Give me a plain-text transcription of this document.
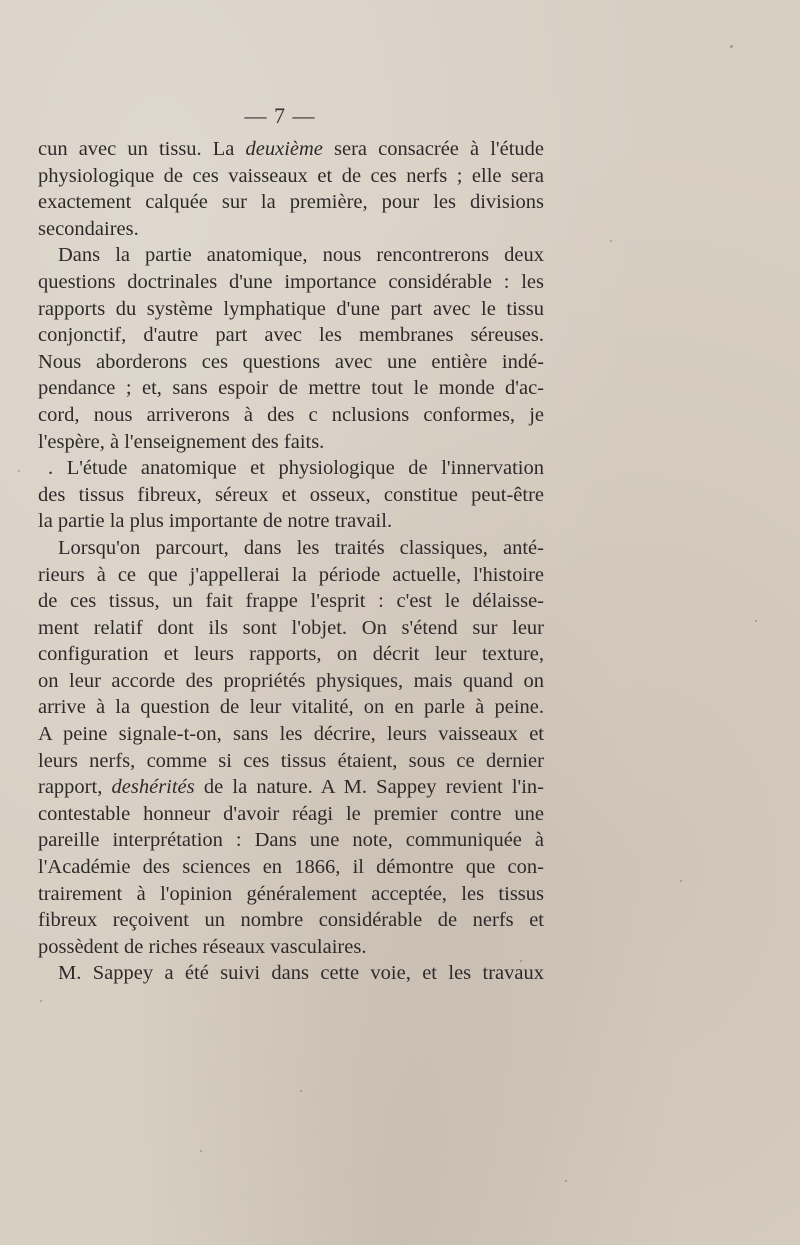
— 7 —
cun avec un tissu. La deuxième sera consacrée à l'étude
physiologique de ces vaisseaux et de ces nerfs ; elle sera
exactement calquée sur la première, pour les divisions
secondaires.
Dans la partie anatomique, nous rencontrerons deux
questions doctrinales d'une importance considérable : les
rapports du système lymphatique d'une part avec le tissu
conjonctif, d'autre part avec les membranes séreuses.
Nous aborderons ces questions avec une entière indé-
pendance ; et, sans espoir de mettre tout le monde d'ac-
cord, nous arriverons à des c nclusions conformes, je
l'espère, à l'enseignement des faits.
. L'étude anatomique et physiologique de l'innervation
des tissus fibreux, séreux et osseux, constitue peut-être
la partie la plus importante de notre travail.
Lorsqu'on parcourt, dans les traités classiques, anté-
rieurs à ce que j'appellerai la période actuelle, l'histoire
de ces tissus, un fait frappe l'esprit : c'est le délaisse-
ment relatif dont ils sont l'objet. On s'étend sur leur
configuration et leurs rapports, on décrit leur texture,
on leur accorde des propriétés physiques, mais quand on
arrive à la question de leur vitalité, on en parle à peine.
A peine signale-t-on, sans les décrire, leurs vaisseaux et
leurs nerfs, comme si ces tissus étaient, sous ce dernier
rapport, deshérités de la nature. A M. Sappey revient l'in-
contestable honneur d'avoir réagi le premier contre une
pareille interprétation : Dans une note, communiquée à
l'Académie des sciences en 1866, il démontre que con-
trairement à l'opinion généralement acceptée, les tissus
fibreux reçoivent un nombre considérable de nerfs et
possèdent de riches réseaux vasculaires.
M. Sappey a été suivi dans cette voie, et les travaux
